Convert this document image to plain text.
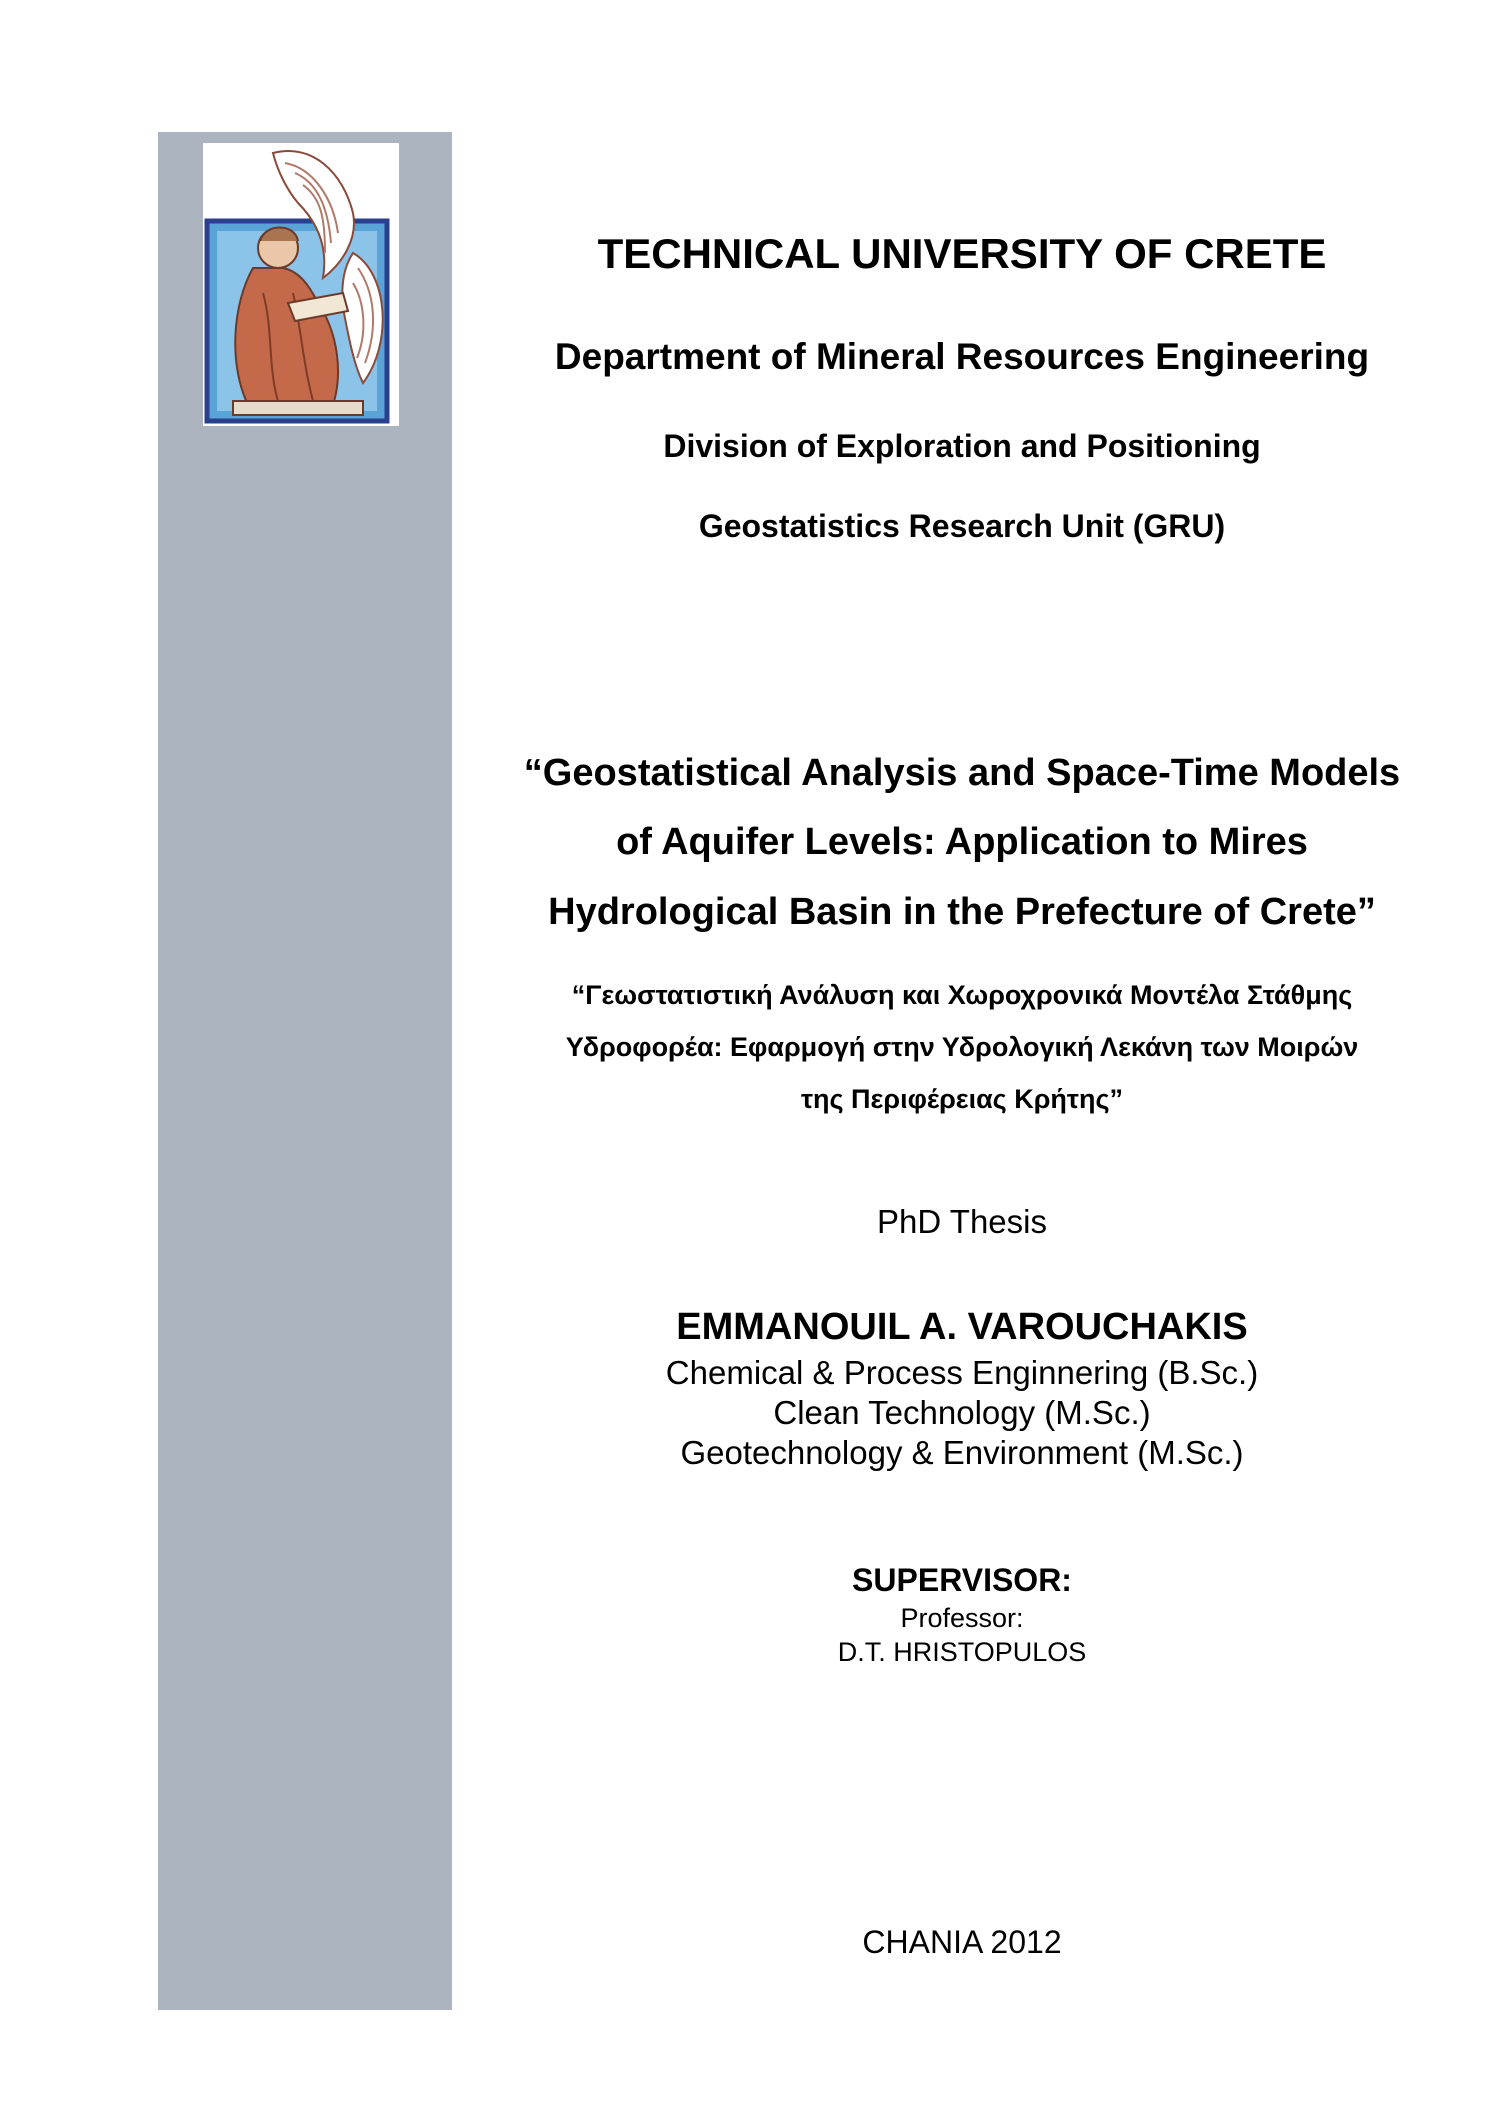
TECHNICAL UNIVERSITY OF CRETE
Department of Mineral Resources Engineering
Division of Exploration and Positioning
Geostatistics Research Unit (GRU)
“Geostatistical Analysis and Space-Time Models
of Aquifer Levels: Application to Mires
Hydrological Basin in the Prefecture of Crete”
“Γεωστατιστική Ανάλυση και Χωροχρονικά Μοντέλα Στάθμης
Υδροφορέα: Εφαρμογή στην Υδρολογική Λεκάνη των Μοιρών
της Περιφέρειας Κρήτης”
PhD Thesis
EMMANOUIL A. VAROUCHAKIS
Chemical & Process Enginnering (B.Sc.)
Clean Technology (M.Sc.)
Geotechnology & Environment (M.Sc.)
SUPERVISOR:
Professor:
D.T. HRISTOPULOS
CHANIA 2012
